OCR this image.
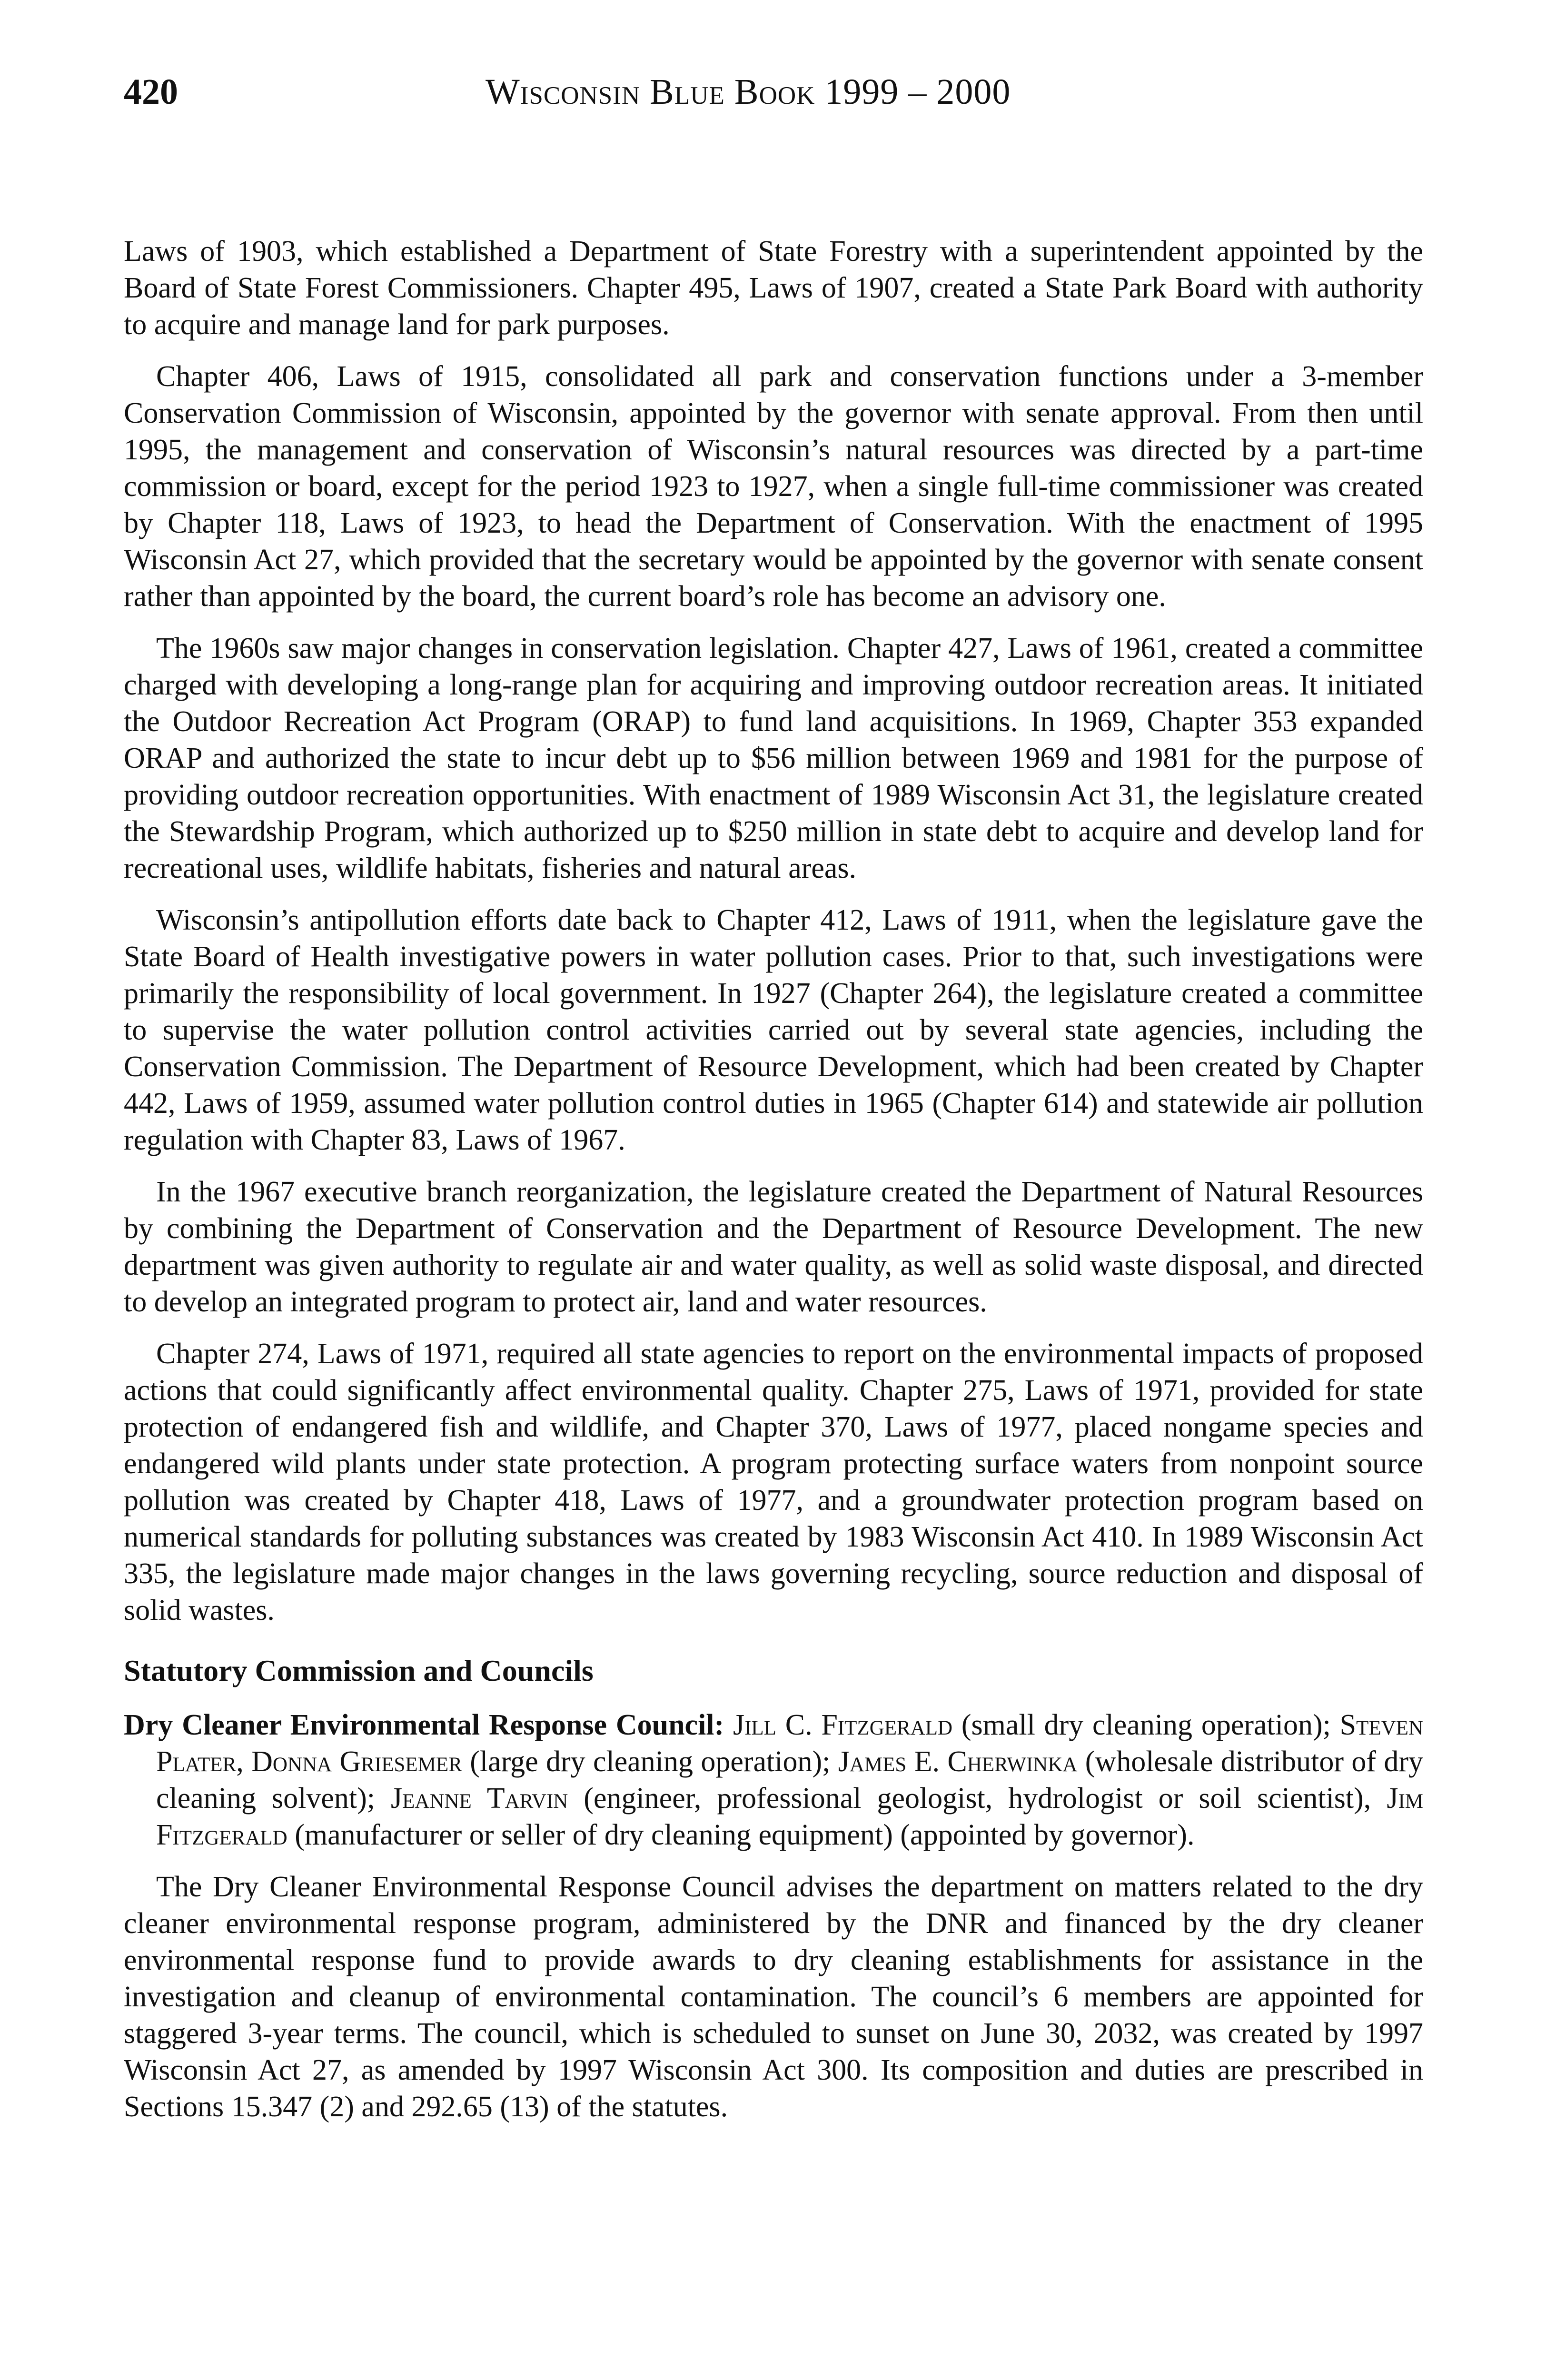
420	Wisconsin Blue Book 1999 – 2000

Laws of 1903, which established a Department of State Forestry with a superintendent appointed by the Board of State Forest Commissioners. Chapter 495, Laws of 1907, created a State Park Board with authority to acquire and manage land for park purposes.

Chapter 406, Laws of 1915, consolidated all park and conservation functions under a 3-member Conservation Commission of Wisconsin, appointed by the governor with senate approval. From then until 1995, the management and conservation of Wisconsin’s natural resources was directed by a part-time commission or board, except for the period 1923 to 1927, when a single full-time commissioner was created by Chapter 118, Laws of 1923, to head the Department of Conservation. With the enactment of 1995 Wisconsin Act 27, which provided that the secretary would be appointed by the governor with senate consent rather than appointed by the board, the current board’s role has become an advisory one.

The 1960s saw major changes in conservation legislation. Chapter 427, Laws of 1961, created a committee charged with developing a long-range plan for acquiring and improving outdoor recreation areas. It initiated the Outdoor Recreation Act Program (ORAP) to fund land acquisitions. In 1969, Chapter 353 expanded ORAP and authorized the state to incur debt up to $56 million between 1969 and 1981 for the purpose of providing outdoor recreation opportunities. With enactment of 1989 Wisconsin Act 31, the legislature created the Stewardship Program, which authorized up to $250 million in state debt to acquire and develop land for recreational uses, wildlife habitats, fisheries and natural areas.

Wisconsin’s antipollution efforts date back to Chapter 412, Laws of 1911, when the legislature gave the State Board of Health investigative powers in water pollution cases. Prior to that, such investigations were primarily the responsibility of local government. In 1927 (Chapter 264), the legislature created a committee to supervise the water pollution control activities carried out by several state agencies, including the Conservation Commission. The Department of Resource Development, which had been created by Chapter 442, Laws of 1959, assumed water pollution control duties in 1965 (Chapter 614) and statewide air pollution regulation with Chapter 83, Laws of 1967.

In the 1967 executive branch reorganization, the legislature created the Department of Natural Resources by combining the Department of Conservation and the Department of Resource Development. The new department was given authority to regulate air and water quality, as well as solid waste disposal, and directed to develop an integrated program to protect air, land and water resources.

Chapter 274, Laws of 1971, required all state agencies to report on the environmental impacts of proposed actions that could significantly affect environmental quality. Chapter 275, Laws of 1971, provided for state protection of endangered fish and wildlife, and Chapter 370, Laws of 1977, placed nongame species and endangered wild plants under state protection. A program protecting surface waters from nonpoint source pollution was created by Chapter 418, Laws of 1977, and a groundwater protection program based on numerical standards for polluting substances was created by 1983 Wisconsin Act 410. In 1989 Wisconsin Act 335, the legislature made major changes in the laws governing recycling, source reduction and disposal of solid wastes.

Statutory Commission and Councils

Dry Cleaner Environmental Response Council: Jill C. Fitzgerald (small dry cleaning operation); Steven Plater, Donna Griesemer (large dry cleaning operation); James E. Cherwinka (wholesale distributor of dry cleaning solvent); Jeanne Tarvin (engineer, professional geologist, hydrologist or soil scientist), Jim Fitzgerald (manufacturer or seller of dry cleaning equipment) (appointed by governor).

The Dry Cleaner Environmental Response Council advises the department on matters related to the dry cleaner environmental response program, administered by the DNR and financed by the dry cleaner environmental response fund to provide awards to dry cleaning establishments for assistance in the investigation and cleanup of environmental contamination. The council’s 6 members are appointed for staggered 3-year terms. The council, which is scheduled to sunset on June 30, 2032, was created by 1997 Wisconsin Act 27, as amended by 1997 Wisconsin Act 300. Its composition and duties are prescribed in Sections 15.347 (2) and 292.65 (13) of the statutes.
